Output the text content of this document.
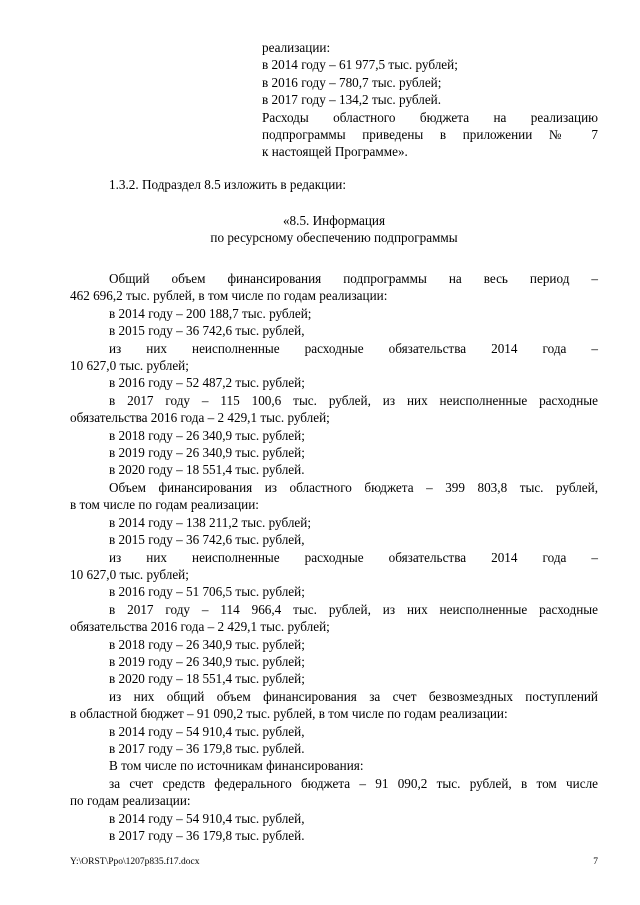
реализации:
в 2014 году – 61 977,5 тыс. рублей;
в 2016 году – 780,7 тыс. рублей;
в 2017 году – 134,2 тыс. рублей.
Расходы областного бюджета на реализацию
подпрограммы приведены в приложении № 7
к настоящей Программе».
1.3.2. Подраздел 8.5 изложить в редакции:
«8.5. Информация
по ресурсному обеспечению подпрограммы
Общий объем финансирования подпрограммы на весь период –
462 696,2 тыс. рублей, в том числе по годам реализации:
в 2014 году – 200 188,7 тыс. рублей;
в 2015 году – 36 742,6 тыс. рублей,
из них неисполненные расходные обязательства 2014 года –
10 627,0 тыс. рублей;
в 2016 году – 52 487,2 тыс. рублей;
в 2017 году – 115 100,6 тыс. рублей, из них неисполненные расходные
обязательства 2016 года – 2 429,1 тыс. рублей;
в 2018 году – 26 340,9 тыс. рублей;
в 2019 году – 26 340,9 тыс. рублей;
в 2020 году – 18 551,4 тыс. рублей.
Объем финансирования из областного бюджета – 399 803,8 тыс. рублей,
в том числе по годам реализации:
в 2014 году – 138 211,2 тыс. рублей;
в 2015 году – 36 742,6 тыс. рублей,
из них неисполненные расходные обязательства 2014 года –
10 627,0 тыс. рублей;
в 2016 году – 51 706,5 тыс. рублей;
в 2017 году – 114 966,4 тыс. рублей, из них неисполненные расходные
обязательства 2016 года – 2 429,1 тыс. рублей;
в 2018 году – 26 340,9 тыс. рублей;
в 2019 году – 26 340,9 тыс. рублей;
в 2020 году – 18 551,4 тыс. рублей;
из них общий объем финансирования за счет безвозмездных поступлений
в областной бюджет – 91 090,2 тыс. рублей, в том числе по годам реализации:
в 2014 году – 54 910,4 тыс. рублей,
в 2017 году – 36 179,8 тыс. рублей.
В том числе по источникам финансирования:
за счет средств федерального бюджета – 91 090,2 тыс. рублей, в том числе
по годам реализации:
в 2014 году – 54 910,4 тыс. рублей,
в 2017 году – 36 179,8 тыс. рублей.
Y:\ORST\Ppo\1207p835.f17.docx	7
